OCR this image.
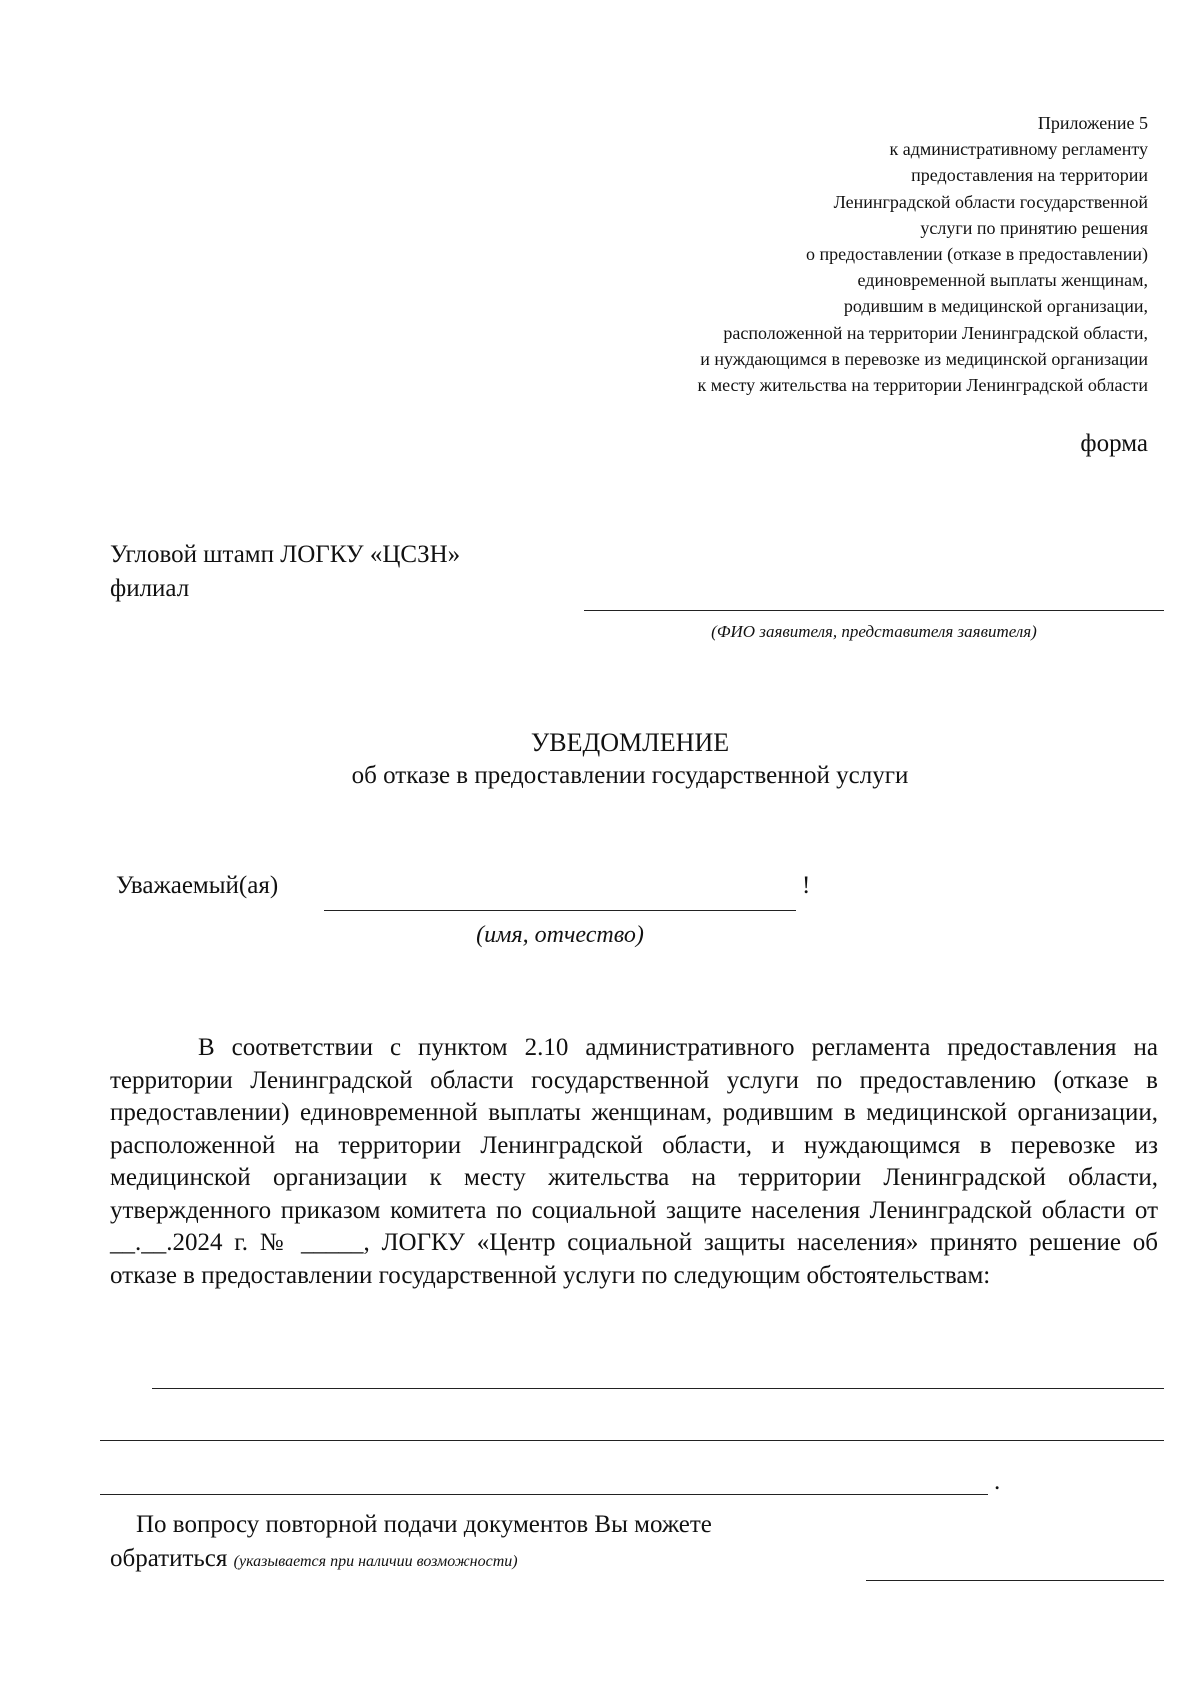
Приложение 5
к административному регламенту
предоставления на территории
Ленинградской области государственной
услуги по принятию решения
о предоставлении (отказе в предоставлении)
единовременной выплаты женщинам,
родившим в медицинской организации,
расположенной на территории Ленинградской области,
и нуждающимся в перевозке из медицинской организации
к месту жительства на территории Ленинградской области
форма
Угловой штамп ЛОГКУ «ЦСЗН»
филиал
(ФИО заявителя, представителя заявителя)
УВЕДОМЛЕНИЕ
об отказе в предоставлении государственной услуги
Уважаемый(ая)	!
(имя, отчество)
В соответствии с пунктом 2.10 административного регламента предоставления на территории Ленинградской области государственной услуги по предоставлению (отказе в предоставлении) единовременной выплаты женщинам, родившим в медицинской организации, расположенной на территории Ленинградской области, и нуждающимся в перевозке из медицинской организации к месту жительства на территории Ленинградской области, утвержденного приказом комитета по социальной защите населения Ленинградской области от __.__.2024 г. № _____, ЛОГКУ «Центр социальной защиты населения» принято решение об отказе в предоставлении государственной услуги по следующим обстоятельствам:
.
По вопросу повторной подачи документов Вы можете
обратиться (указывается при наличии возможности)
